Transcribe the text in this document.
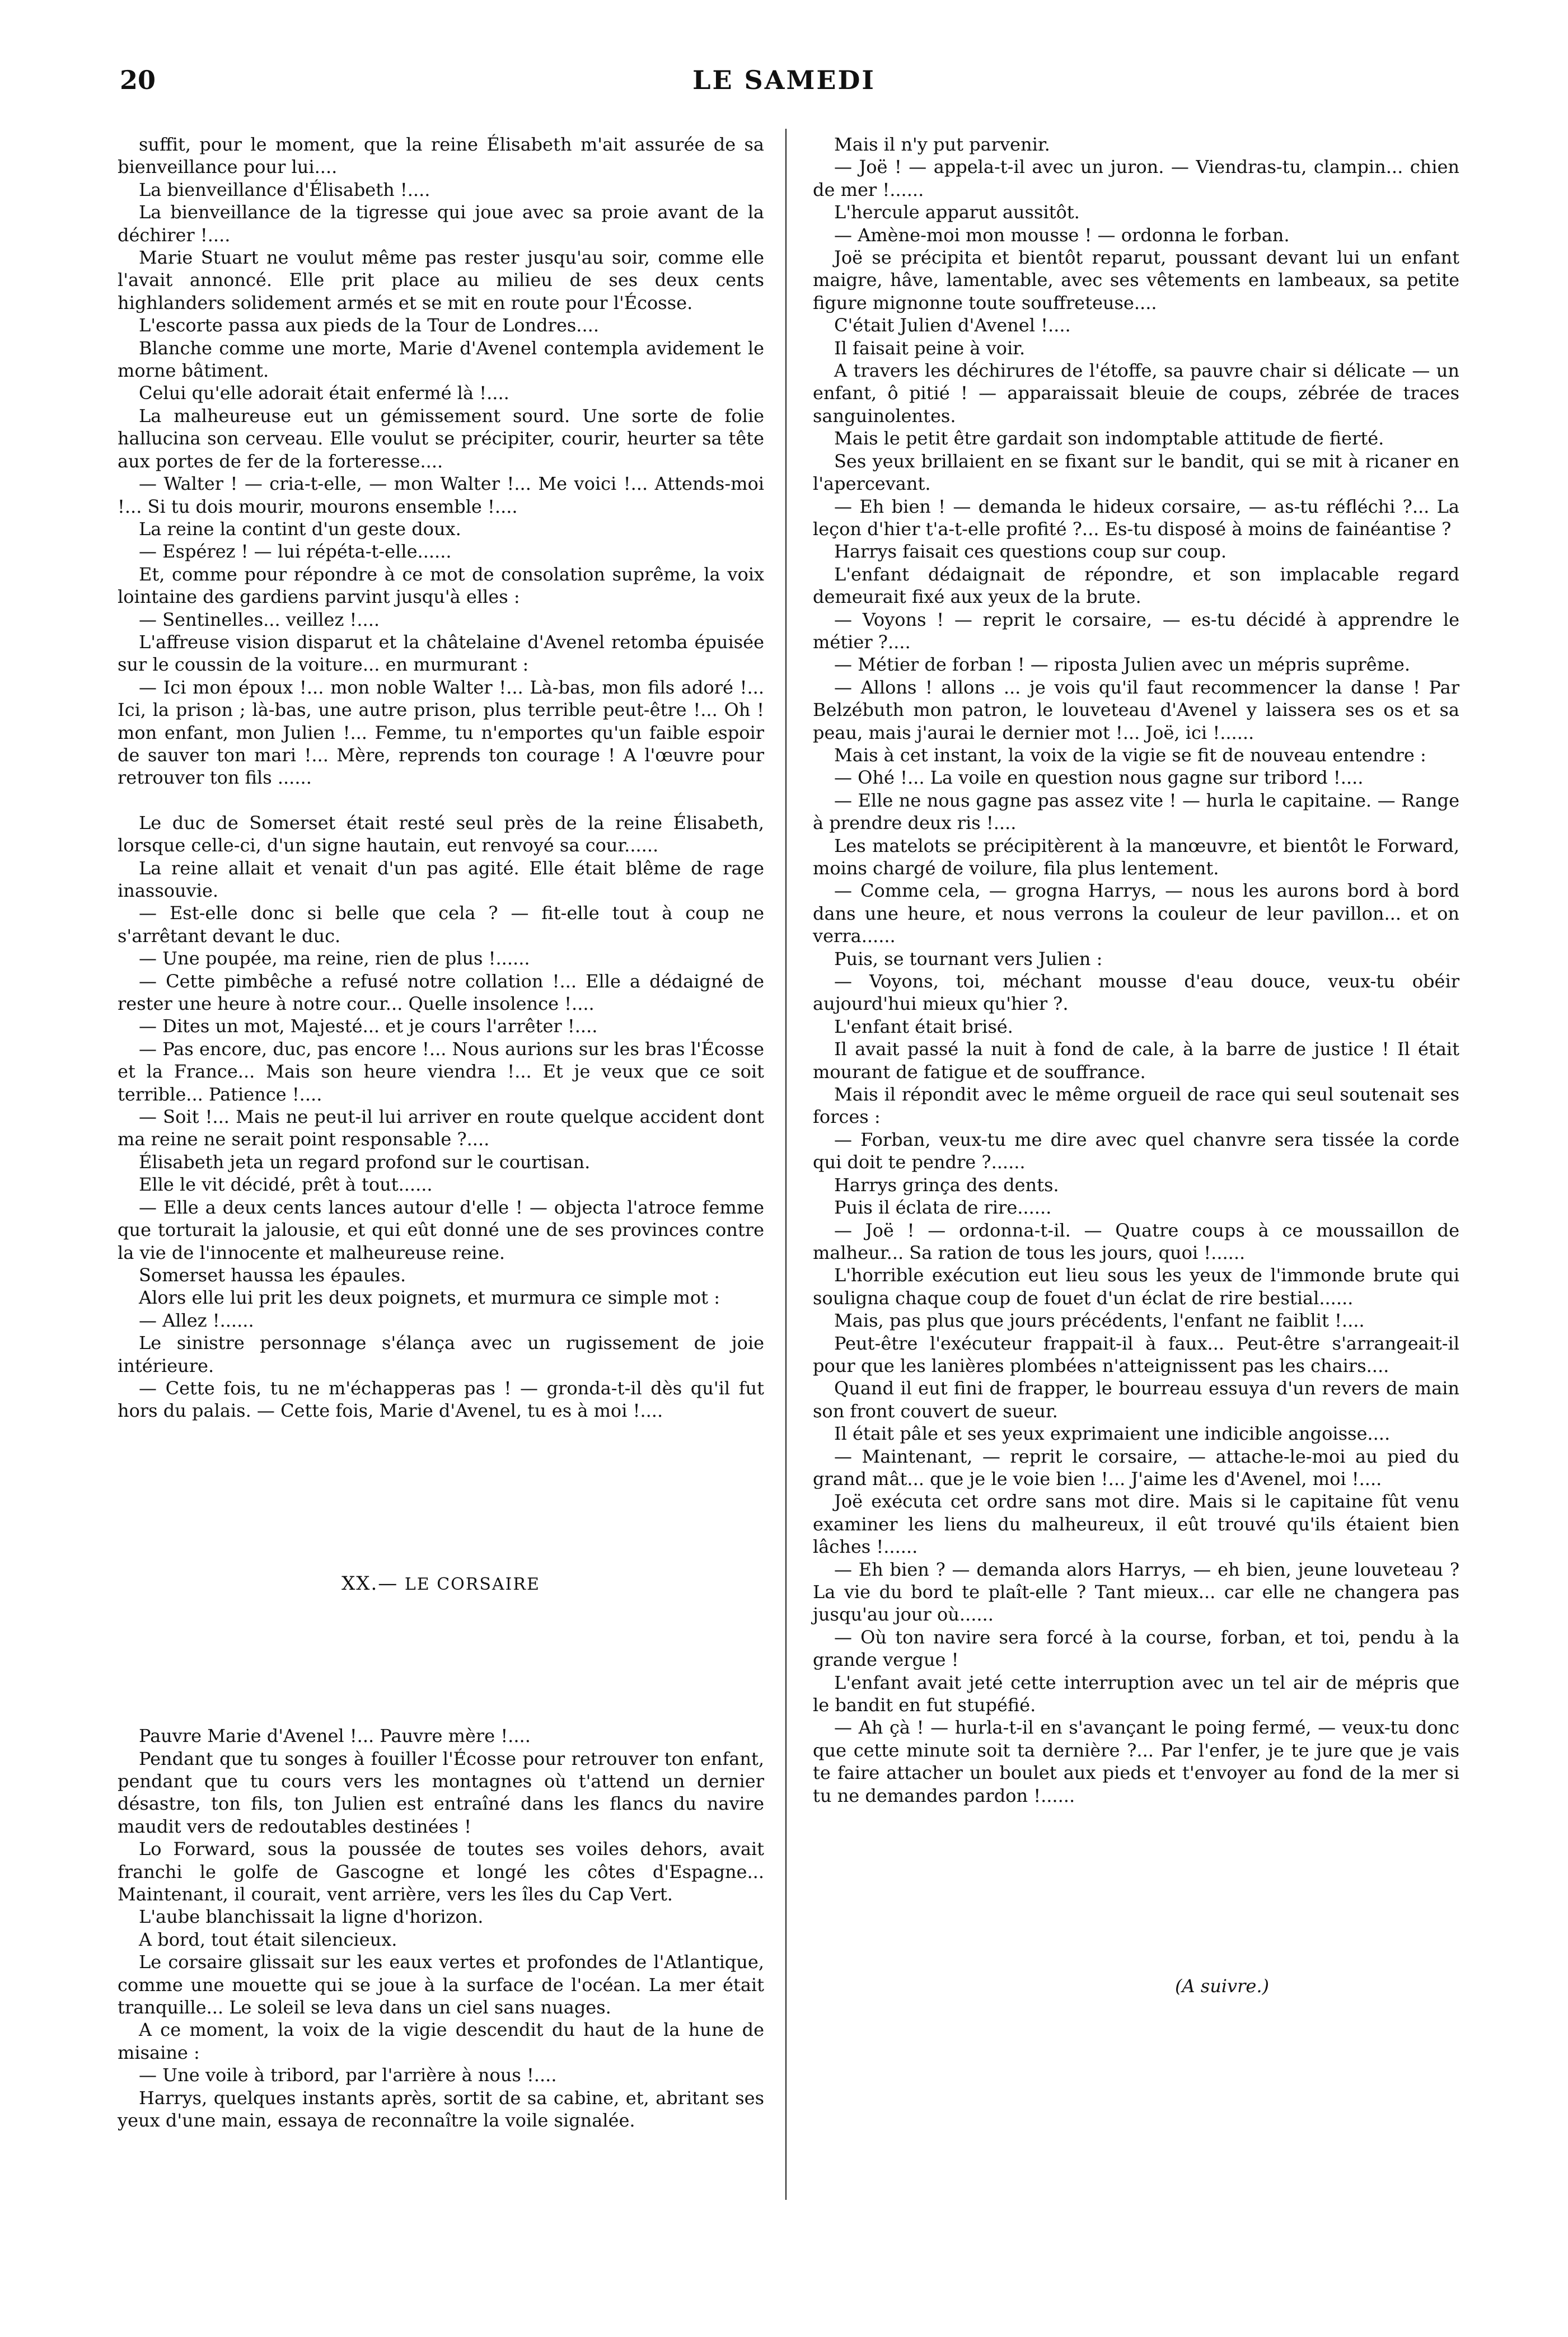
20	LE SAMEDI

suffit, pour le moment, que la reine Élisabeth m'ait assurée de sa bienveillance pour lui....

La bienveillance d'Élisabeth !....

La bienveillance de la tigresse qui joue avec sa proie avant de la déchirer !....

Marie Stuart ne voulut même pas rester jusqu'au soir, comme elle l'avait annoncé. Elle prit place au milieu de ses deux cents highlanders solidement armés et se mit en route pour l'Écosse.

L'escorte passa aux pieds de la Tour de Londres....

Blanche comme une morte, Marie d'Avenel contempla avidement le morne bâtiment.

Celui qu'elle adorait était enfermé là !....

La malheureuse eut un gémissement sourd. Une sorte de folie hallucina son cerveau. Elle voulut se précipiter, courir, heurter sa tête aux portes de fer de la forteresse....

— Walter ! — cria-t-elle, — mon Walter !... Me voici !... Attends-moi !... Si tu dois mourir, mourons ensemble !....

La reine la contint d'un geste doux.

— Espérez ! — lui répéta-t-elle......

Et, comme pour répondre à ce mot de consolation suprême, la voix lointaine des gardiens parvint jusqu'à elles :

— Sentinelles... veillez !....

L'affreuse vision disparut et la châtelaine d'Avenel retomba épuisée sur le coussin de la voiture... en murmurant :

— Ici mon époux !... mon noble Walter !... Là-bas, mon fils adoré !... Ici, la prison ; là-bas, une autre prison, plus terrible peut-être !... Oh ! mon enfant, mon Julien !... Femme, tu n'emportes qu'un faible espoir de sauver ton mari !... Mère, reprends ton courage ! A l'œuvre pour retrouver ton fils ......

Le duc de Somerset était resté seul près de la reine Élisabeth, lorsque celle-ci, d'un signe hautain, eut renvoyé sa cour......

La reine allait et venait d'un pas agité. Elle était blême de rage inassouvie.

— Est-elle donc si belle que cela ? — fit-elle tout à coup ne s'arrêtant devant le duc.

— Une poupée, ma reine, rien de plus !......

— Cette pimbêche a refusé notre collation !... Elle a dédaigné de rester une heure à notre cour... Quelle insolence !....

— Dites un mot, Majesté... et je cours l'arrêter !....

— Pas encore, duc, pas encore !... Nous aurions sur les bras l'Écosse et la France... Mais son heure viendra !... Et je veux que ce soit terrible... Patience !....

— Soit !... Mais ne peut-il lui arriver en route quelque accident dont ma reine ne serait point responsable ?....

Élisabeth jeta un regard profond sur le courtisan.

Elle le vit décidé, prêt à tout......

— Elle a deux cents lances autour d'elle ! — objecta l'atroce femme que torturait la jalousie, et qui eût donné une de ses provinces contre la vie de l'innocente et malheureuse reine.

Somerset haussa les épaules.

Alors elle lui prit les deux poignets, et murmura ce simple mot :

— Allez !......

Le sinistre personnage s'élança avec un rugissement de joie intérieure.

— Cette fois, tu ne m'échapperas pas ! — gronda-t-il dès qu'il fut hors du palais. — Cette fois, Marie d'Avenel, tu es à moi !....

XX.— LE CORSAIRE

Pauvre Marie d'Avenel !... Pauvre mère !....

Pendant que tu songes à fouiller l'Écosse pour retrouver ton enfant, pendant que tu cours vers les montagnes où t'attend un dernier désastre, ton fils, ton Julien est entraîné dans les flancs du navire maudit vers de redoutables destinées !

Lo Forward, sous la poussée de toutes ses voiles dehors, avait franchi le golfe de Gascogne et longé les côtes d'Espagne... Maintenant, il courait, vent arrière, vers les îles du Cap Vert.

L'aube blanchissait la ligne d'horizon.

A bord, tout était silencieux.

Le corsaire glissait sur les eaux vertes et profondes de l'Atlantique, comme une mouette qui se joue à la surface de l'océan. La mer était tranquille... Le soleil se leva dans un ciel sans nuages.

A ce moment, la voix de la vigie descendit du haut de la hune de misaine :

— Une voile à tribord, par l'arrière à nous !....

Harrys, quelques instants après, sortit de sa cabine, et, abritant ses yeux d'une main, essaya de reconnaître la voile signalée.

Mais il n'y put parvenir.

— Joë ! — appela-t-il avec un juron. — Viendras-tu, clampin... chien de mer !......

L'hercule apparut aussitôt.

— Amène-moi mon mousse ! — ordonna le forban.

Joë se précipita et bientôt reparut, poussant devant lui un enfant maigre, hâve, lamentable, avec ses vêtements en lambeaux, sa petite figure mignonne toute souffreteuse....

C'était Julien d'Avenel !....

Il faisait peine à voir.

A travers les déchirures de l'étoffe, sa pauvre chair si délicate — un enfant, ô pitié ! — apparaissait bleuie de coups, zébrée de traces sanguinolentes.

Mais le petit être gardait son indomptable attitude de fierté.

Ses yeux brillaient en se fixant sur le bandit, qui se mit à ricaner en l'apercevant.

— Eh bien ! — demanda le hideux corsaire, — as-tu réfléchi ?... La leçon d'hier t'a-t-elle profité ?... Es-tu disposé à moins de fainéantise ?

Harrys faisait ces questions coup sur coup.

L'enfant dédaignait de répondre, et son implacable regard demeurait fixé aux yeux de la brute.

— Voyons ! — reprit le corsaire, — es-tu décidé à apprendre le métier ?....

— Métier de forban ! — riposta Julien avec un mépris suprême.

— Allons ! allons ... je vois qu'il faut recommencer la danse ! Par Belzébuth mon patron, le louveteau d'Avenel y laissera ses os et sa peau, mais j'aurai le dernier mot !... Joë, ici !......

Mais à cet instant, la voix de la vigie se fit de nouveau entendre :

— Ohé !... La voile en question nous gagne sur tribord !....

— Elle ne nous gagne pas assez vite ! — hurla le capitaine. — Range à prendre deux ris !....

Les matelots se précipitèrent à la manœuvre, et bientôt le Forward, moins chargé de voilure, fila plus lentement.

— Comme cela, — grogna Harrys, — nous les aurons bord à bord dans une heure, et nous verrons la couleur de leur pavillon... et on verra......

Puis, se tournant vers Julien :

— Voyons, toi, méchant mousse d'eau douce, veux-tu obéir aujourd'hui mieux qu'hier ?.

L'enfant était brisé.

Il avait passé la nuit à fond de cale, à la barre de justice ! Il était mourant de fatigue et de souffrance.

Mais il répondit avec le même orgueil de race qui seul soutenait ses forces :

— Forban, veux-tu me dire avec quel chanvre sera tissée la corde qui doit te pendre ?......

Harrys grinça des dents.

Puis il éclata de rire......

— Joë ! — ordonna-t-il. — Quatre coups à ce moussaillon de malheur... Sa ration de tous les jours, quoi !......

L'horrible exécution eut lieu sous les yeux de l'immonde brute qui souligna chaque coup de fouet d'un éclat de rire bestial......

Mais, pas plus que jours précédents, l'enfant ne faiblit !....

Peut-être l'exécuteur frappait-il à faux... Peut-être s'arrangeait-il pour que les lanières plombées n'atteignissent pas les chairs....

Quand il eut fini de frapper, le bourreau essuya d'un revers de main son front couvert de sueur.

Il était pâle et ses yeux exprimaient une indicible angoisse....

— Maintenant, — reprit le corsaire, — attache-le-moi au pied du grand mât... que je le voie bien !... J'aime les d'Avenel, moi !....

Joë exécuta cet ordre sans mot dire. Mais si le capitaine fût venu examiner les liens du malheureux, il eût trouvé qu'ils étaient bien lâches !......

— Eh bien ? — demanda alors Harrys, — eh bien, jeune louveteau ? La vie du bord te plaît-elle ? Tant mieux... car elle ne changera pas jusqu'au jour où......

— Où ton navire sera forcé à la course, forban, et toi, pendu à la grande vergue !

L'enfant avait jeté cette interruption avec un tel air de mépris que le bandit en fut stupéfié.

— Ah çà ! — hurla-t-il en s'avançant le poing fermé, — veux-tu donc que cette minute soit ta dernière ?... Par l'enfer, je te jure que je vais te faire attacher un boulet aux pieds et t'envoyer au fond de la mer si tu ne demandes pardon !......

(A suivre.)
